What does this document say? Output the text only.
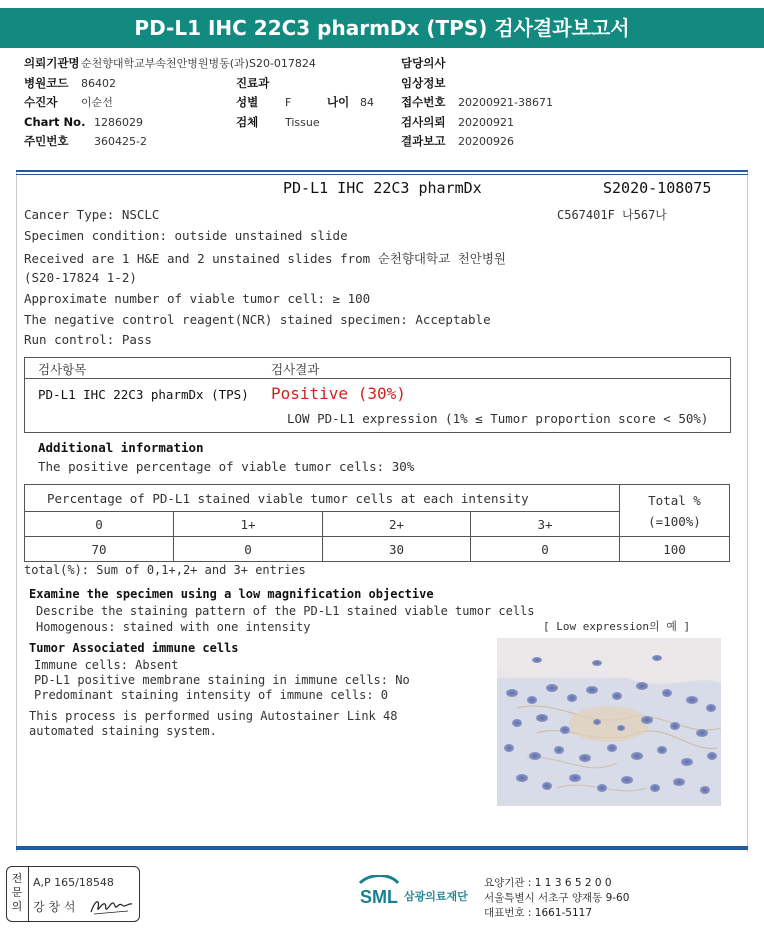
PD-L1 IHC 22C3 pharmDx (TPS) 검사결과보고서
의뢰기관명 순천향대학교부속천안병원병동(과)S20-017824
병원코드	86402
수진자	이순선
Chart No. 1286029
주민번호	360425-2
진료과
성별	F	나이 84
검체	Tissue
담당의사
임상정보
접수번호	20200921-38671
검사의뢰	20200921
결과보고	20200926
PD-L1 IHC 22C3 pharmDx	S2020-108075
C567401F 나567나
Cancer Type: NSCLC
Specimen condition: outside unstained slide
Received are 1 H&E and 2 unstained slides from 순천향대학교 천안병원
(S20-17824 1-2)
Approximate number of viable tumor cell: ≥ 100
The negative control reagent(NCR) stained specimen: Acceptable
Run control: Pass
검사항목	검사결과
PD-L1 IHC 22C3 pharmDx (TPS) Positive (30%)
LOW PD-L1 expression (1% ≤ Tumor proportion score < 50%)
Additional information
The positive percentage of viable tumor cells: 30%
Percentage of PD-L1 stained viable tumor cells at each intensity				Total %
(=100%)
0	1+	2+	3+	
70	0	30	0	100
total(%): Sum of 0,1+,2+ and 3+ entries
Examine the specimen using a low magnification objective
Describe the staining pattern of the PD-L1 stained viable tumor cells
Homogenous: stained with one intensity	[ Low expression의 예 ]
Tumor Associated immune cells
Immune cells: Absent
PD-L1 positive membrane staining in immune cells: No
Predominant staining intensity of immune cells: 0
This process is performed using Autostainer Link 48
automated staining system.
전문의
A,P 165/18548
강 창 석	SML 삼광의료재단
요양기관 : 1 1 3 6 5 2 0 0
서울특별시 서초구 양재동 9-60
대표번호 : 1661-5117
